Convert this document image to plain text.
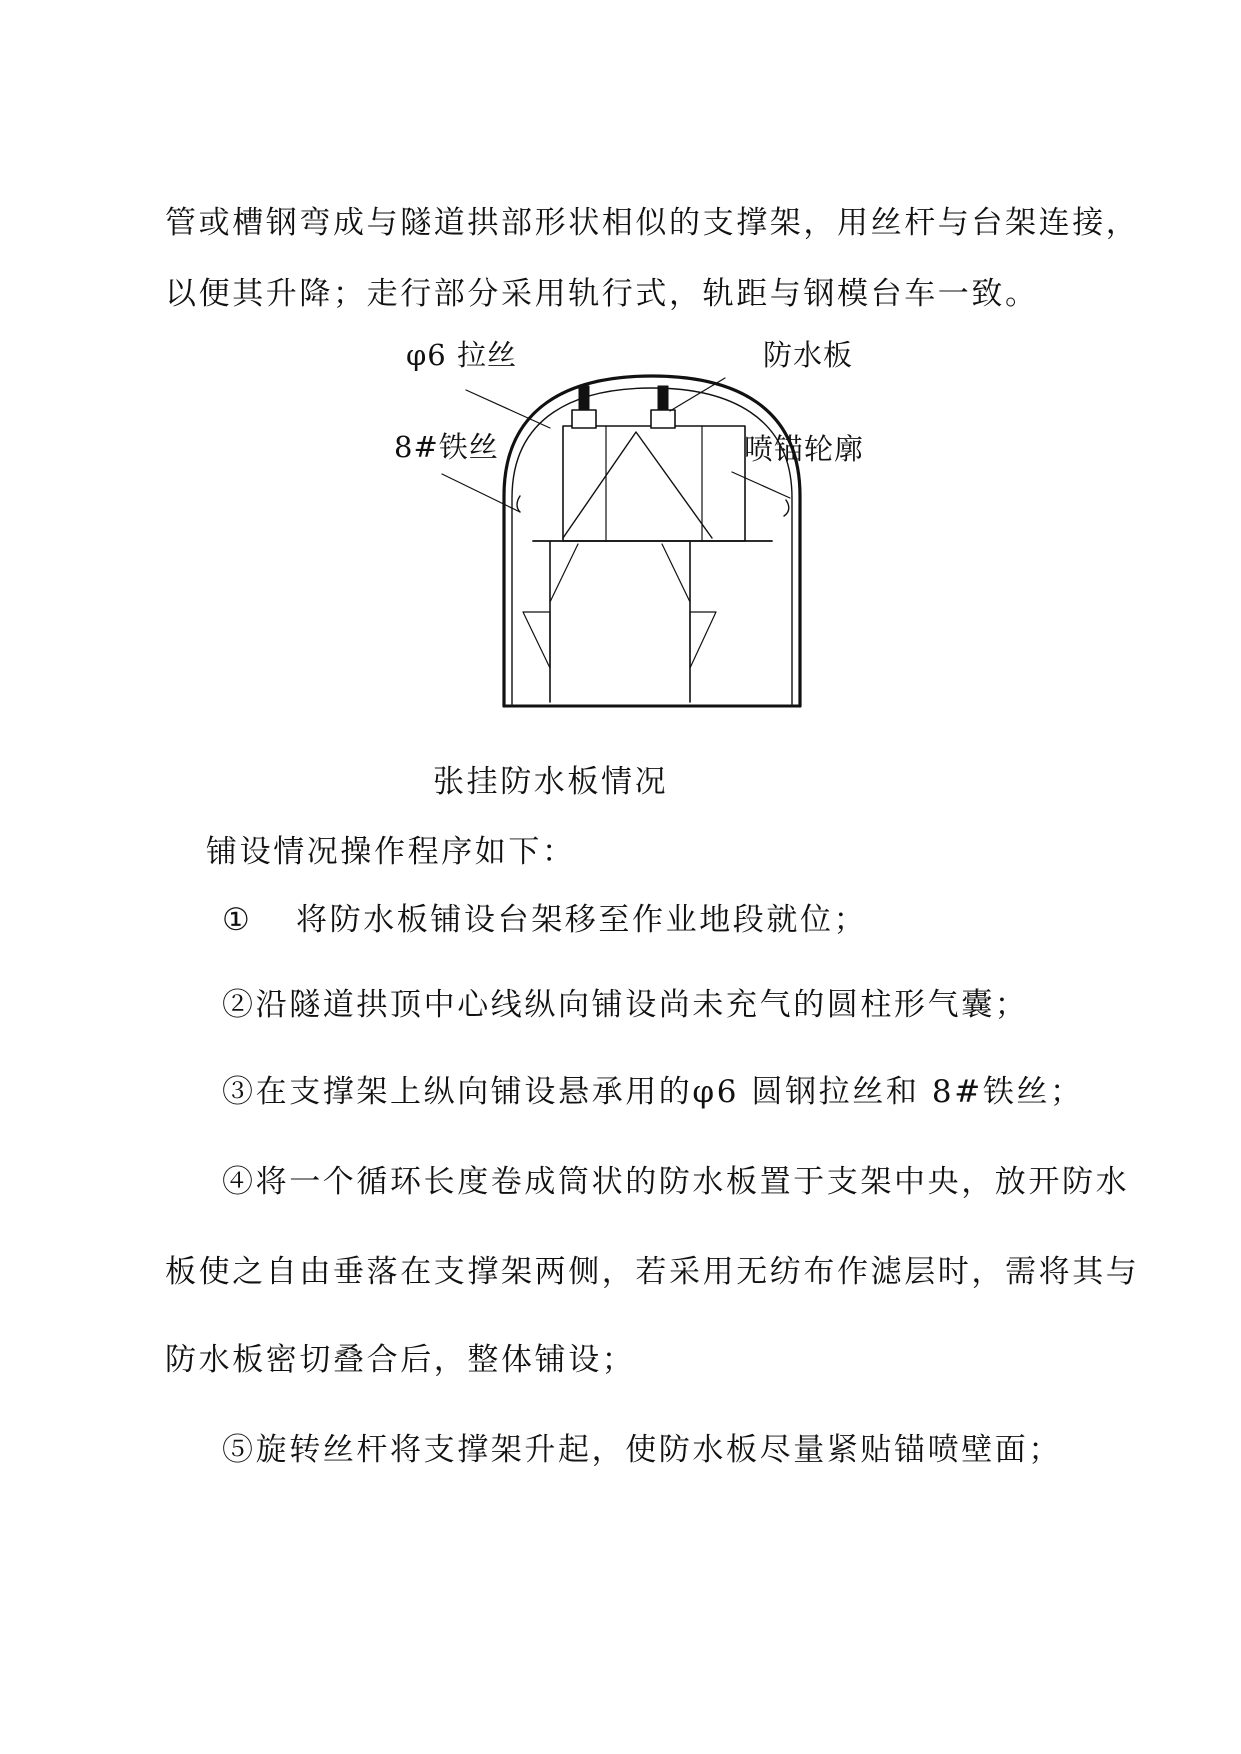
管或槽钢弯成与隧道拱部形状相似的支撑架，用丝杆与台架连接，
以便其升降；走行部分采用轨行式，轨距与钢模台车一致。
φ6 拉丝	防水板
8#铁丝	喷锚轮廓
张挂防水板情况
铺设情况操作程序如下：
① 将防水板铺设台架移至作业地段就位；
②沿隧道拱顶中心线纵向铺设尚未充气的圆柱形气囊；
③在支撑架上纵向铺设悬承用的φ6 圆钢拉丝和 8#铁丝；
④将一个循环长度卷成筒状的防水板置于支架中央，放开防水
板使之自由垂落在支撑架两侧，若采用无纺布作滤层时，需将其与
防水板密切叠合后，整体铺设；
⑤旋转丝杆将支撑架升起，使防水板尽量紧贴锚喷壁面；
